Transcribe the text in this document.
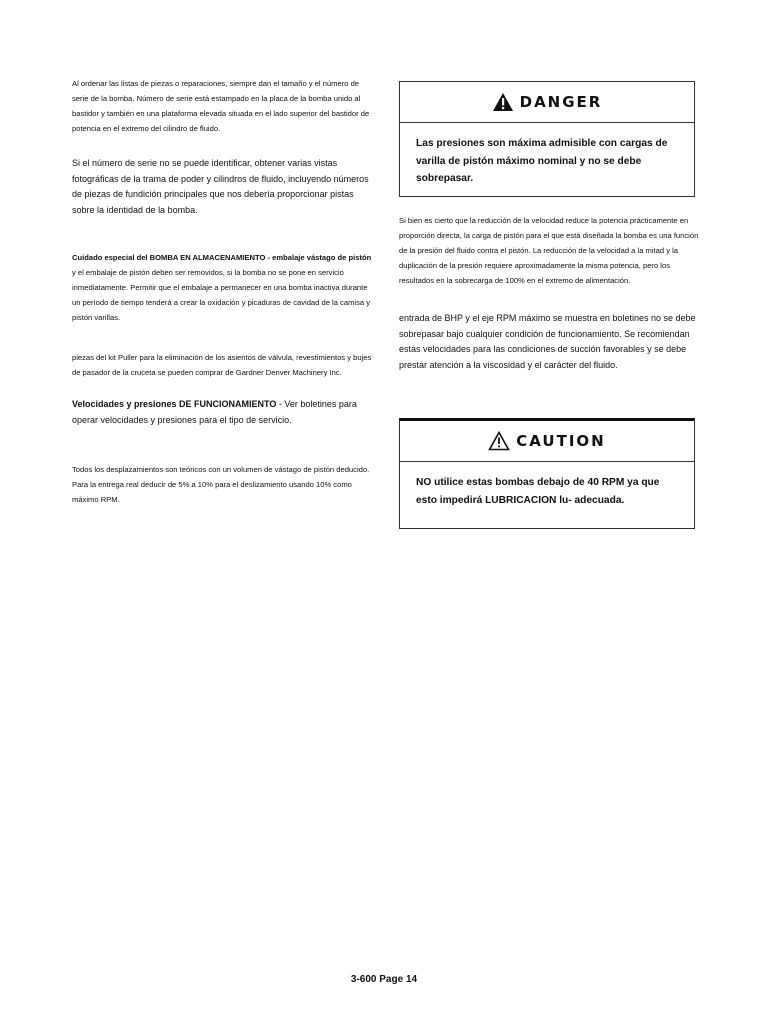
Al ordenar las listas de piezas o reparaciones, siempre dan el tamaño y el número de serie de la bomba. Número de serie está estampado en la placa de la bomba unido al bastidor y también en una plataforma elevada situada en el lado superior del bastidor de potencia en el extremo del cilindro de fluido.

Si el número de serie no se puede identificar, obtener varias vistas fotográficas de la trama de poder y cilindros de fluido, incluyendo números de piezas de fundición principales que nos debería proporcionar pistas sobre la identidad de la bomba.

Cuidado especial del BOMBA EN ALMACENAMIENTO - embalaje vástago de pistón y el embalaje de pistón deben ser removidos, si la bomba no se pone en servicio inmediatamente. Permitir que el embalaje a permanecer en una bomba inactiva durante un período de tiempo tenderá a crear la oxidación y picaduras de cavidad de la camisa y pistón varillas.

piezas del kit Puller para la eliminación de los asientos de válvula, revestimientos y bujes de pasador de la cruceta se pueden comprar de Gardner Denver Machinery Inc.

Velocidades y presiones DE FUNCIONAMIENTO - Ver boletines para operar velocidades y presiones para el tipo de servicio.

Todos los desplazamientos son teóricos con un volumen de vástago de pistón deducido. Para la entrega real deducir de 5% a 10% para el deslizamiento usando 10% como máximo RPM.

DANGER
Las presiones son máxima admisible con cargas de varilla de pistón máximo nominal y no se debe sobrepasar.

Si bien es cierto que la reducción de la velocidad reduce la potencia prácticamente en proporción directa, la carga de pistón para el que está diseñada la bomba es una función de la presión del fluido contra el pistón. La reducción de la velocidad a la mitad y la duplicación de la presión requiere aproximadamente la misma potencia, pero los resultados en la sobrecarga de 100% en el extremo de alimentación.

entrada de BHP y el eje RPM máximo se muestra en boletines no se debe sobrepasar bajo cualquier condición de funcionamiento. Se recomiendan estas velocidades para las condiciones de succión favorables y se debe prestar atención a la viscosidad y el carácter del fluido.

CAUTION
NO utilice estas bombas debajo de 40 RPM ya que esto impedirá LUBRICACION lu- adecuada.
3-600 Page 14
